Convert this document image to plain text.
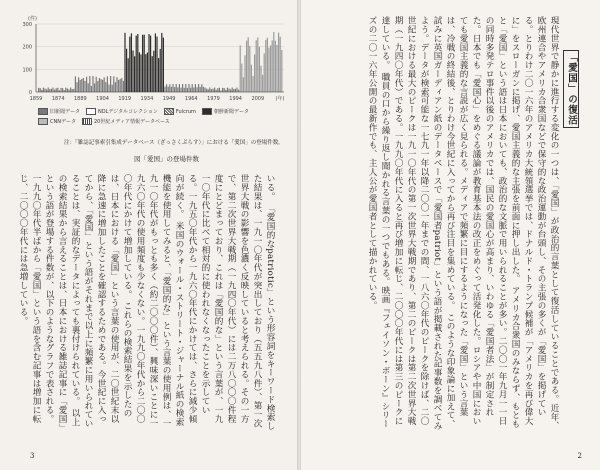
(件)
300
200
100
0
1859 1874 1889 1904 1919 1934 1949 1964 1979 1994 2009 (年)
旧新聞データ	NDLデジタルコレクション	Fulcrum	朝鮮新聞データ
CNNデータ	20世紀メディア情報データベース
注：「雑誌記事索引集成データベース（ざっさくぷらす）」における「愛国」の登場件数。
図「愛国」の登場件数
いる。 「愛国的なpatriotic」という形容詞をキーワード検索した結果は、一九一〇年代が突出しており（五五九八件）、第一次世界大戦の影響を色濃く反映していると考えられる。その一方で、第二次世界大戦期（一九四〇年代）には二万八〇〇〇件程度にとどまっており、これは「愛国的な」という言葉が、一九一〇年代に比べて相対的に使われなくなったことを示している。一九五〇年代から一九六〇年代にかけては、さらに減少傾向が続く。 米国のウォール・ストリート・ジャーナル紙の検索機能を使用してみると、「愛国的な」という言葉の使用例は、一九一〇年代がもっとも多く（約二〇〇〇件）、興味深いことに一九六〇年代の使用頻度も少なくない。一九九〇年代から二〇〇〇年代にかけて増加している。 これらの検索結果を示したのは、日本における「愛国」という言葉の使用が、二〇世紀末以降に急速に増加したことを確認するためである。今世紀に入ってから、「愛国」という語がそれまで以上に頻繁に用いられていることは、実証的なデータによっても裏付けられている。 以上の検索結果から言えることは、日本における雑誌記事に「愛国」という語が登場する件数が、以下のようなグラフで表される。 一九九〇年代半ばから「愛国」という語を含む記事は増加に転じ、二〇〇〇年代には急増している。
3
「愛国」の復活
現代世界で静かに進行する変化の一つは、「愛国」が政治的言葉として復活していることである。近年、欧州連合やアメリカ合衆国などで保守的な政治運動が台頭し、その主張の多くが「愛国」を掲げている。とりわけ二〇一六年のアメリカ大統領選挙では、ドナルド・トランプ候補が「アメリカを再び偉大に」をスローガンに掲げ、愛国主義的な主張を前面に押し出した。 アメリカ合衆国のみならず、もともと「愛国」という語は日本においても、政治的な文脈で用いられることが多い。二〇〇一年九月一一日の同時多発テロ事件以後のアメリカでは、国民の愛国心が高まり、いわゆる「愛国者法」が制定された。日本でも「愛国心」をめぐる議論が教育基本法の改正をめぐって活発化した。ロシアや中国においても愛国主義的な言説が広く見られる。メディアで頻繁に目にするようになった「愛国」という言葉は、冷戦の終結後、とりわけ今世紀に入ってから再び注目を集めている。 このような印象論に加えて、試みに英国ガーディアン紙のデータベースで「愛国者patriot」という語が掲載された記事数を調べてみよう。データが検索可能な一七九一年以降二〇〇一年までの間、一八六〇年代のピークを除けば、二〇世紀における最大のピークは一九一〇年代の第一次世界大戦期であり、第二のピークは第二次世界大戦期（一九四〇年代）である。一九九〇年代に入ると再び増加に転じ、二〇〇〇年代には第三のピークに達している。 職員の口から繰り返し聞かれる言葉の一つでもある。映画『フェイソン・ボーン』シリーズの二〇一六年公開の最新作でも、主人公が愛国者として描かれている。
2
